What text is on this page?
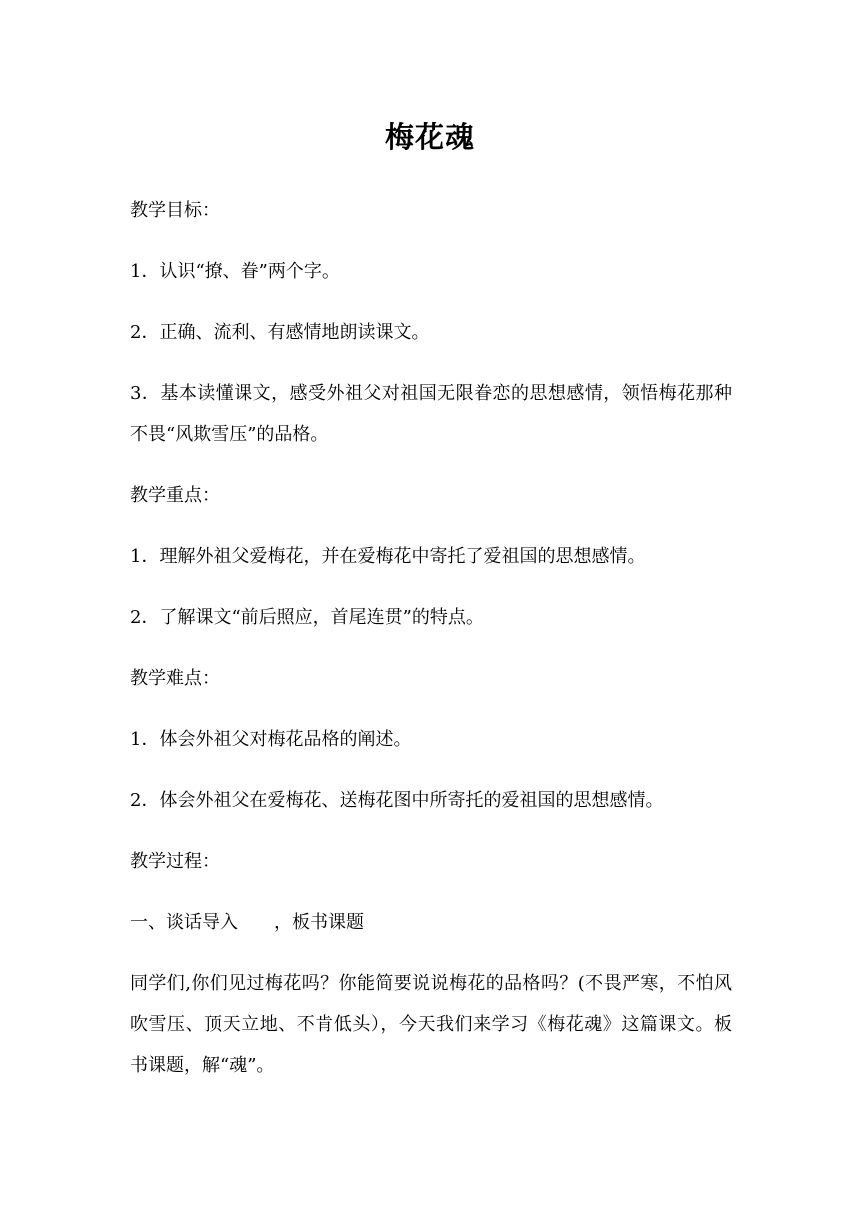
梅花魂

教学目标：

1．认识“撩、眷”两个字。

2．正确、流利、有感情地朗读课文。

3．基本读懂课文，感受外祖父对祖国无限眷恋的思想感情，领悟梅花那种不畏“风欺雪压”的品格。

教学重点：

1．理解外祖父爱梅花，并在爱梅花中寄托了爱祖国的思想感情。

2．了解课文“前后照应，首尾连贯”的特点。

教学难点：

1．体会外祖父对梅花品格的阐述。

2．体会外祖父在爱梅花、送梅花图中所寄托的爱祖国的思想感情。

教学过程：

一、谈话导入　　，板书课题

同学们,你们见过梅花吗？你能简要说说梅花的品格吗？(不畏严寒，不怕风吹雪压、顶天立地、不肯低头），今天我们来学习《梅花魂》这篇课文。板书课题，解“魂”。
